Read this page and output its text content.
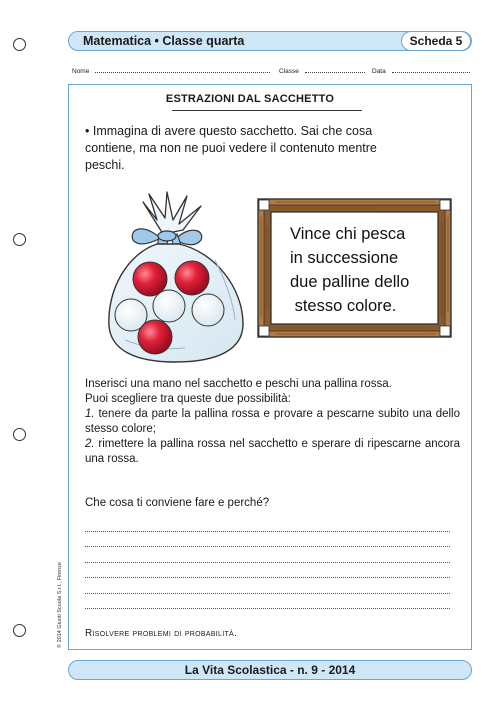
Matematica • Classe quarta	Scheda 5
Nome	Classe	Data
ESTRAZIONI DAL SACCHETTO
• Immagina di avere questo sacchetto. Sai che cosa contiene, ma non ne puoi vedere il contenuto mentre peschi.
Vince chi pesca
in successione
due palline dello
stesso colore.

Inserisci una mano nel sacchetto e peschi una pallina rossa.

Puoi scegliere tra queste due possibilità:

1. tenere da parte la pallina rossa e provare a pescarne subito una dello stesso colore;

2. rimettere la pallina rossa nel sacchetto e sperare di ripescarne ancora una rossa.

Che cosa ti conviene fare e perché?
Risolvere problemi di probabilità.
© 2014 Giunti Scuola S.r.l., Firenze
La Vita Scolastica - n. 9 - 2014
